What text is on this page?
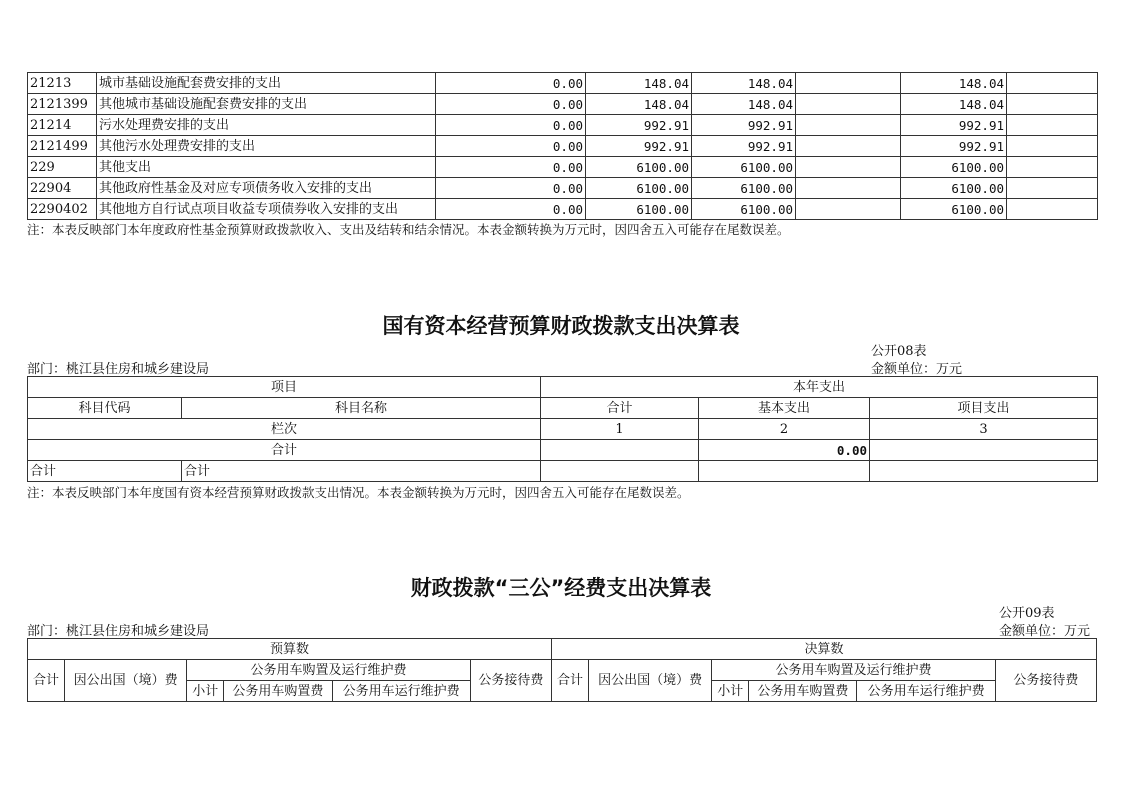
21213	城市基础设施配套费安排的支出	0.00	148.04	148.04		148.04	
2121399	其他城市基础设施配套费安排的支出	0.00	148.04	148.04		148.04	
21214	污水处理费安排的支出	0.00	992.91	992.91		992.91	
2121499	其他污水处理费安排的支出	0.00	992.91	992.91		992.91	
229	其他支出	0.00	6100.00	6100.00		6100.00	
22904	其他政府性基金及对应专项债务收入安排的支出	0.00	6100.00	6100.00		6100.00	
2290402	其他地方自行试点项目收益专项债券收入安排的支出	0.00	6100.00	6100.00		6100.00	
注：本表反映部门本年度政府性基金预算财政拨款收入、支出及结转和结余情况。本表金额转换为万元时，因四舍五入可能存在尾数误差。
国有资本经营预算财政拨款支出决算表
公开08表
部门：桃江县住房和城乡建设局	金额单位：万元
项目		本年支出		
科目代码	科目名称	合计	基本支出	项目支出
栏次		1	2	3
合计			0.00	
合计	合计			
注：本表反映部门本年度国有资本经营预算财政拨款支出情况。本表金额转换为万元时，因四舍五入可能存在尾数误差。
财政拨款“三公”经费支出决算表
公开09表
部门：桃江县住房和城乡建设局	金额单位：万元
预算数						决算数					
合计	因公出国（境）费	公务用车购置及运行维护费			公务接待费	合计	因公出国（境）费	公务用车购置及运行维护费			公务接待费
		小计	公务用车购置费	公务用车运行维护费				小计	公务用车购置费	公务用车运行维护费	
